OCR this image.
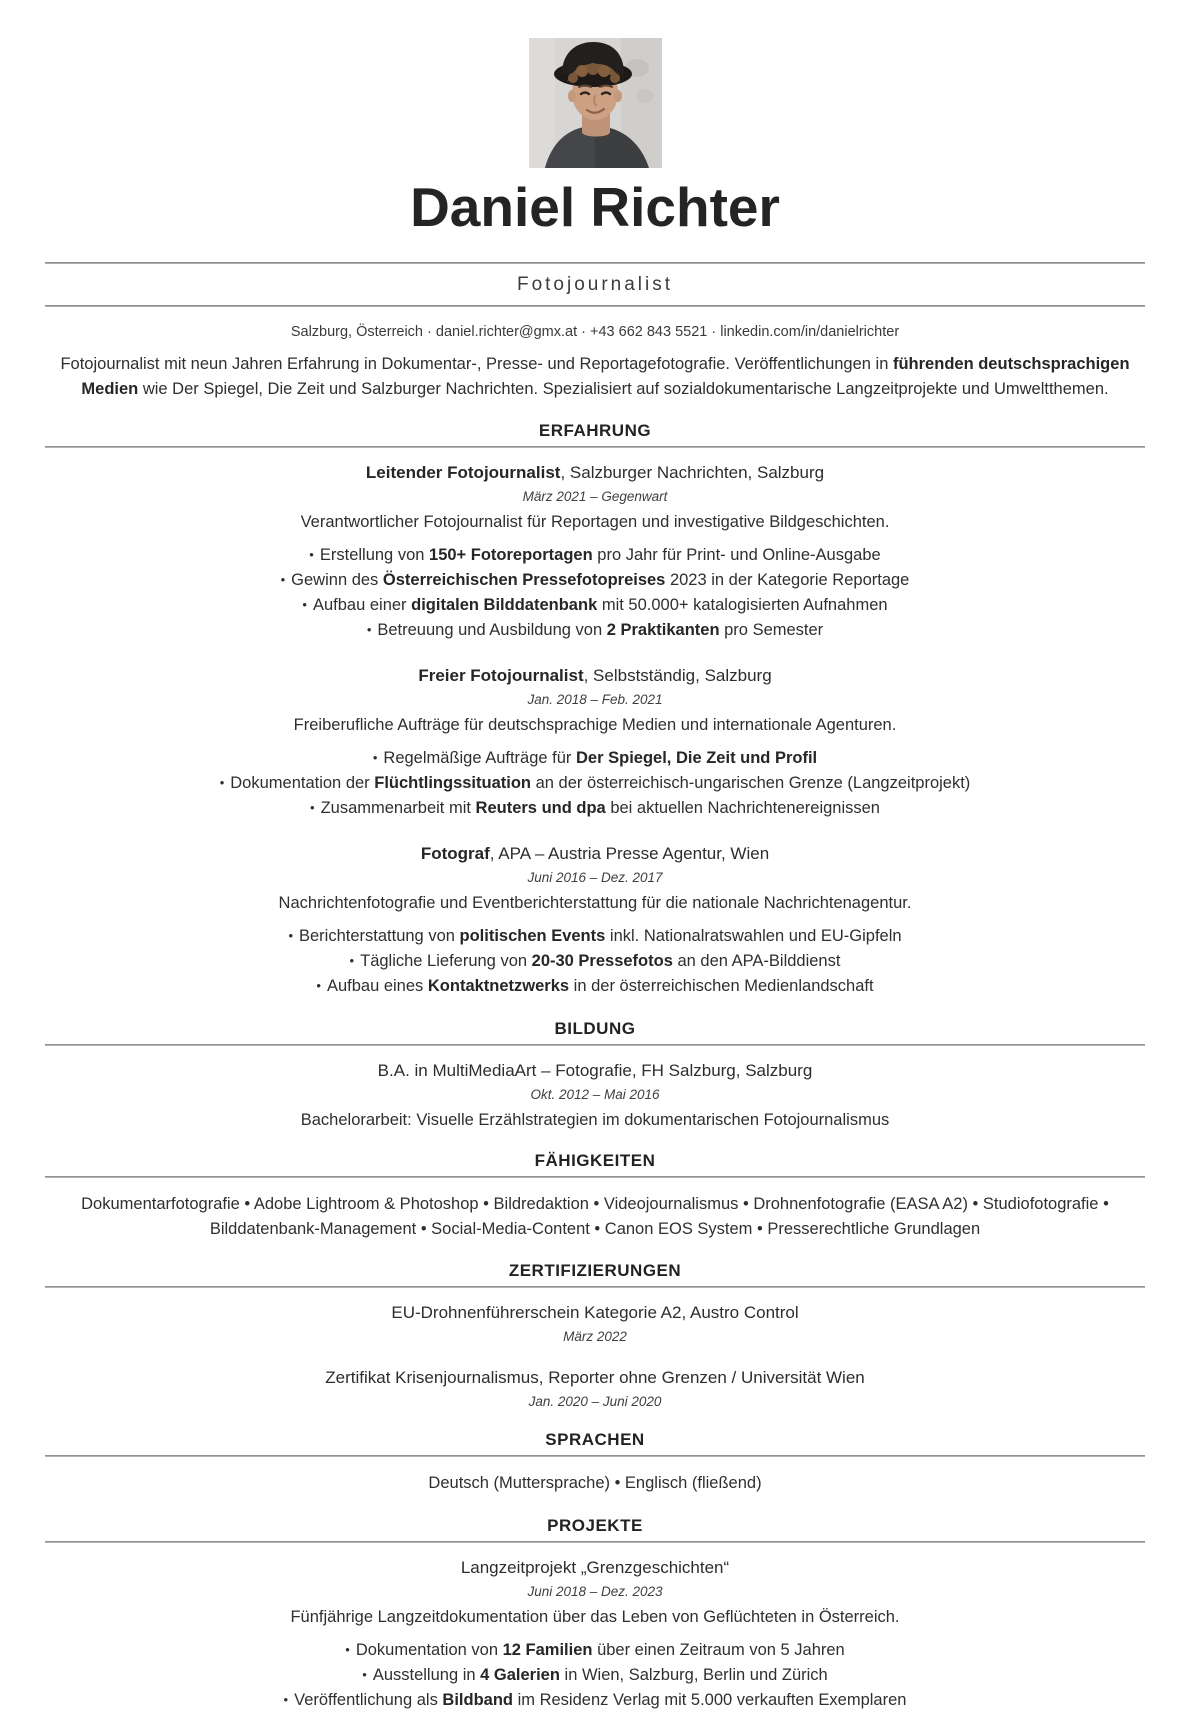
Daniel Richter
Fotojournalist
Salzburg, Österreich · daniel.richter@gmx.at · +43 662 843 5521 · linkedin.com/in/danielrichter

Fotojournalist mit neun Jahren Erfahrung in Dokumentar-, Presse- und Reportagefotografie. Veröffentlichungen in führenden deutschsprachigen Medien wie Der Spiegel, Die Zeit und Salzburger Nachrichten. Spezialisiert auf sozialdokumentarische Langzeitprojekte und Umweltthemen.

ERFAHRUNG
Leitender Fotojournalist, Salzburger Nachrichten, Salzburg
März 2021 – Gegenwart
Verantwortlicher Fotojournalist für Reportagen und investigative Bildgeschichten.
• Erstellung von 150+ Fotoreportagen pro Jahr für Print- und Online-Ausgabe
• Gewinn des Österreichischen Pressefotopreises 2023 in der Kategorie Reportage
• Aufbau einer digitalen Bilddatenbank mit 50.000+ katalogisierten Aufnahmen
• Betreuung und Ausbildung von 2 Praktikanten pro Semester
Freier Fotojournalist, Selbstständig, Salzburg
Jan. 2018 – Feb. 2021
Freiberufliche Aufträge für deutschsprachige Medien und internationale Agenturen.
• Regelmäßige Aufträge für Der Spiegel, Die Zeit und Profil
• Dokumentation der Flüchtlingssituation an der österreichisch-ungarischen Grenze (Langzeitprojekt)
• Zusammenarbeit mit Reuters und dpa bei aktuellen Nachrichtenereignissen
Fotograf, APA – Austria Presse Agentur, Wien
Juni 2016 – Dez. 2017
Nachrichtenfotografie und Eventberichterstattung für die nationale Nachrichtenagentur.
• Berichterstattung von politischen Events inkl. Nationalratswahlen und EU-Gipfeln
• Tägliche Lieferung von 20-30 Pressefotos an den APA-Bilddienst
• Aufbau eines Kontaktnetzwerks in der österreichischen Medienlandschaft
BILDUNG
B.A. in MultiMediaArt – Fotografie, FH Salzburg, Salzburg
Okt. 2012 – Mai 2016
Bachelorarbeit: Visuelle Erzählstrategien im dokumentarischen Fotojournalismus
FÄHIGKEITEN
Dokumentarfotografie • Adobe Lightroom & Photoshop • Bildredaktion • Videojournalismus • Drohnenfotografie (EASA A2) • Studiofotografie • Bilddatenbank-Management • Social-Media-Content • Canon EOS System • Presserechtliche Grundlagen
ZERTIFIZIERUNGEN
EU-Drohnenführerschein Kategorie A2, Austro Control
März 2022
Zertifikat Krisenjournalismus, Reporter ohne Grenzen / Universität Wien
Jan. 2020 – Juni 2020
SPRACHEN
Deutsch (Muttersprache) • Englisch (fließend)
PROJEKTE
Langzeitprojekt „Grenzgeschichten“
Juni 2018 – Dez. 2023
Fünfjährige Langzeitdokumentation über das Leben von Geflüchteten in Österreich.
• Dokumentation von 12 Familien über einen Zeitraum von 5 Jahren
• Ausstellung in 4 Galerien in Wien, Salzburg, Berlin und Zürich
• Veröffentlichung als Bildband im Residenz Verlag mit 5.000 verkauften Exemplaren
